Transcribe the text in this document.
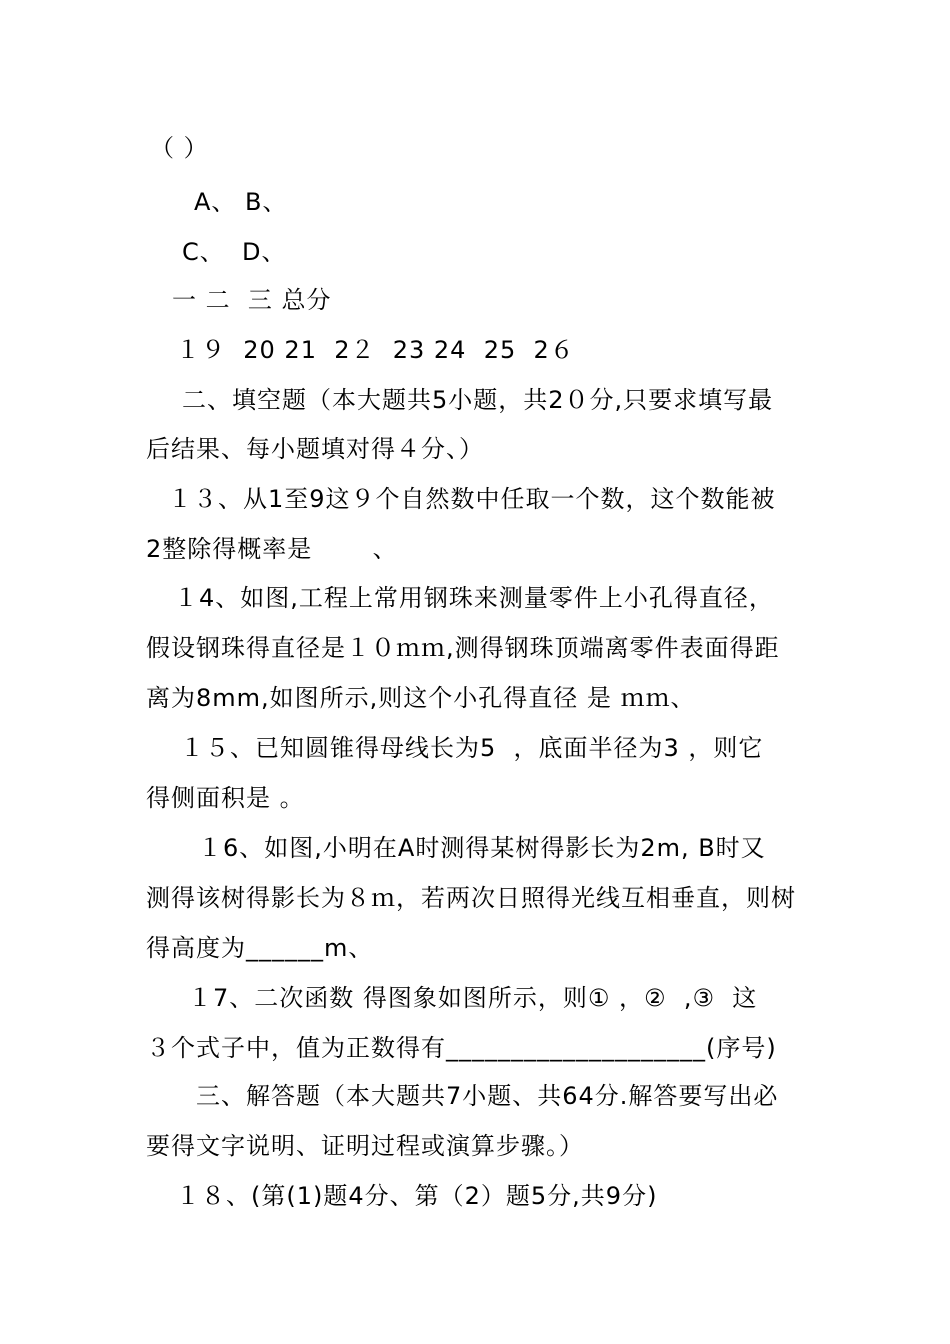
（ ）
A、 B、
C、  D、
一 二  三 总分
１９  20 21  2２  23 24  25  2６
二、填空题（本大题共5小题，共2０分,只要求填写最
后结果、每小题填对得４分、）
１３、从1至9这９个自然数中任取一个数，这个数能被
2整除得概率是       、
１4、如图,工程上常用钢珠来测量零件上小孔得直径，
假设钢珠得直径是１０ｍｍ,测得钢珠顶端离零件表面得距
离为8mm,如图所示,则这个小孔得直径 是 ｍｍ、
１５、已知圆锥得母线长为5  ，底面半径为3 ，则它
得侧面积是 。
１6、如图,小明在A时测得某树得影长为2m, B时又
测得该树得影长为８ｍ，若两次日照得光线互相垂直，则树
得高度为______m、
１7、二次函数 得图象如图所示，则① ，②  ,③  这
３个式子中，值为正数得有____________________(序号)
三、解答题（本大题共7小题、共64分.解答要写出必
要得文字说明、证明过程或演算步骤。）
１８、(第(1)题4分、第（2）题5分,共9分)
